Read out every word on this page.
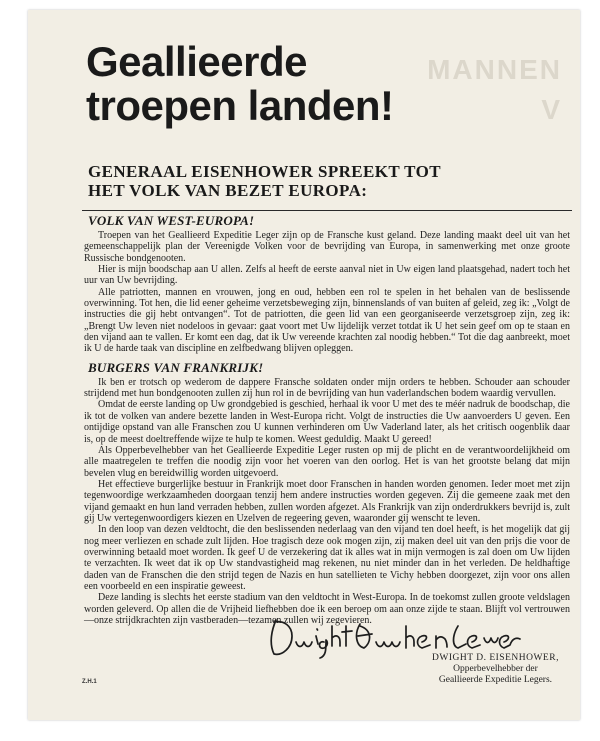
MANNEN
V
Geallieerde
troepen landen!
GENERAAL EISENHOWER SPREEKT TOT
HET VOLK VAN BEZET EUROPA:
VOLK VAN WEST-EUROPA!

Troepen van het Geallieerd Expeditie Leger zijn op de Fransche kust geland. Deze landing maakt deel uit van het gemeenschappelijk plan der Vereenigde Volken voor de bevrijding van Europa, in samenwerking met onze groote Russische bondgenooten.

Hier is mijn boodschap aan U allen. Zelfs al heeft de eerste aanval niet in Uw eigen land plaatsgehad, nadert toch het uur van Uw bevrijding.

Alle patriotten, mannen en vrouwen, jong en oud, hebben een rol te spelen in het behalen van de beslissende overwinning. Tot hen, die lid eener geheime verzetsbeweging zijn, binnenslands of van buiten af geleid, zeg ik: „Volgt de instructies die gij hebt ontvangen“. Tot de patriotten, die geen lid van een georganiseerde verzetsgroep zijn, zeg ik: „Brengt Uw leven niet nodeloos in gevaar: gaat voort met Uw lijdelijk verzet totdat ik U het sein geef om op te staan en den vijand aan te vallen. Er komt een dag, dat ik Uw vereende krachten zal noodig hebben.“ Tot die dag aanbreekt, moet ik U de harde taak van discipline en zelfbedwang blijven opleggen.

BURGERS VAN FRANKRIJK!

Ik ben er trotsch op wederom de dappere Fransche soldaten onder mijn orders te hebben. Schouder aan schouder strijdend met hun bondgenooten zullen zij hun rol in de bevrijding van hun vaderlandschen bodem waardig vervullen.

Omdat de eerste landing op Uw grondgebied is geschied, herhaal ik voor U met des te méér nadruk de boodschap, die ik tot de volken van andere bezette landen in West-Europa richt. Volgt de instructies die Uw aanvoerders U geven. Een ontijdige opstand van alle Franschen zou U kunnen verhinderen om Uw Vaderland later, als het critisch oogenblik daar is, op de meest doeltreffende wijze te hulp te komen. Weest geduldig. Maakt U gereed!

Als Opperbevelhebber van het Geallieerde Expeditie Leger rusten op mij de plicht en de verantwoordelijkheid om alle maatregelen te treffen die noodig zijn voor het voeren van den oorlog. Het is van het grootste belang dat mijn bevelen vlug en bereidwillig worden uitgevoerd.

Het effectieve burgerlijke bestuur in Frankrijk moet door Franschen in handen worden genomen. Ieder moet met zijn tegenwoordige werkzaamheden doorgaan tenzij hem andere instructies worden gegeven. Zij die gemeene zaak met den vijand gemaakt en hun land verraden hebben, zullen worden afgezet. Als Frankrijk van zijn onderdrukkers bevrijd is, zult gij Uw vertegenwoordigers kiezen en Uzelven de regeering geven, waaronder gij wenscht te leven.

In den loop van dezen veldtocht, die den beslissenden nederlaag van den vijand ten doel heeft, is het mogelijk dat gij nog meer verliezen en schade zult lijden. Hoe tragisch deze ook mogen zijn, zij maken deel uit van den prijs die voor de overwinning betaald moet worden. Ik geef U de verzekering dat ik alles wat in mijn vermogen is zal doen om Uw lijden te verzachten. Ik weet dat ik op Uw standvastigheid mag rekenen, nu niet minder dan in het verleden. De heldhaftige daden van de Franschen die den strijd tegen de Nazis en hun satellieten te Vichy hebben doorgezet, zijn voor ons allen een voorbeeld en een inspiratie geweest.

Deze landing is slechts het eerste stadium van den veldtocht in West-Europa. In de toekomst zullen groote veldslagen worden geleverd. Op allen die de Vrijheid liefhebben doe ik een beroep om aan onze zijde te staan. Blijft vol vertrouwen—onze strijdkrachten zijn vastberaden—tezamen zullen wij zegevieren.

Z.H.1
DWIGHT D. EISENHOWER,
Opperbevelhebber der
Geallieerde Expeditie Legers.
